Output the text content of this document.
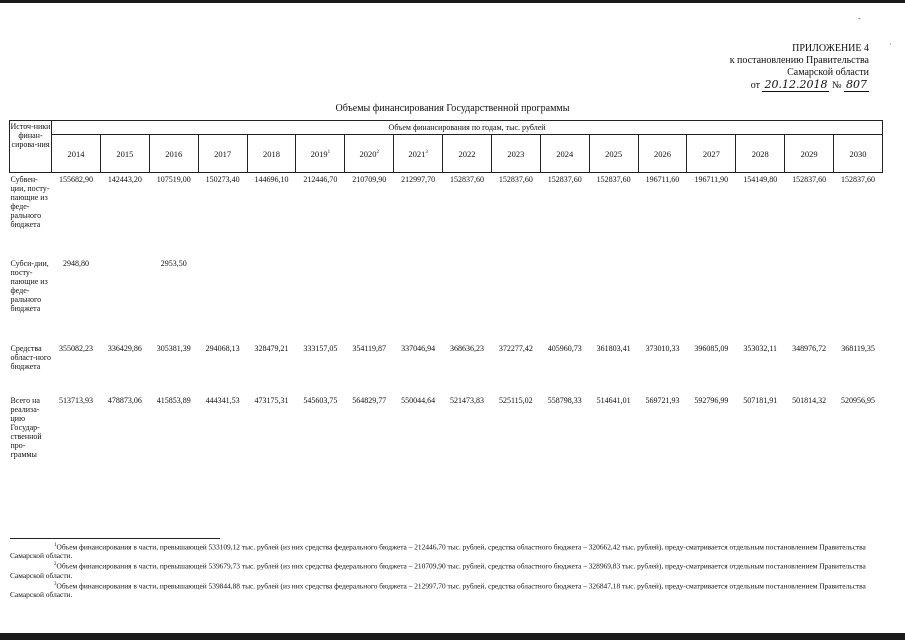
-
·
ПРИЛОЖЕНИЕ 4
к постановлению Правительства
Самарской области
от 20.12.2018 № 807
Объемы финансирования Государственной программы
Источ-ники финан-сирова-ния	Объем финансирования по годам, тыс. рублей																
	2014	2015	2016	2017	2018	2019$^1$	2020$^2$	2021$^3$	2022	2023	2024	2025	2026	2027	2028	2029	2030
Субвен-ции, посту-пающие из феде-рального бюджета	155682,90	142443,20	107519,00	150273,40	144696,10	212446,70	210709,90	212997,70	152837,60	152837,60	152837,60	152837,60	196711,60	196711,90	154149,80	152837,60	152837,60
Субси-дии, посту-пающие из феде-рального бюджета	2948,80		2953,50														
Средства област-ного бюджета	355082,23	336429,86	305381,39	294068,13	328479,21	333157,05	354119,87	337046,94	368636,23	372277,42	405960,73	361803,41	373010,33	396085,09	353032,11	348976,72	368119,35
Всего на реализа-цию Государ-ственной про-граммы	513713,93	478873,06	415853,89	444341,53	473175,31	545603,75	564829,77	550044,64	521473,83	525115,02	558798,33	514641,01	569721,93	592796,99	507181,91	501814,32	520956,95
$^1$Объем финансирования в части, превышающей 533109,12 тыс. рублей (из них средства федерального бюджета – 212446,70 тыс. рублей, средства областного бюджета – 320662,42 тыс. рублей), преду-сматривается отдельным постановлением Правительства Самарской области.
$^2$Объем финансирования в части, превышающей 539679,73 тыс. рублей (из них средства федерального бюджета – 210709,90 тыс. рублей, средства областного бюджета – 328969,83 тыс. рублей), преду-сматривается отдельным постановлением Правительства Самарской области.
$^3$Объем финансирования в части, превышающей 539844,88 тыс. рублей (из них средства федерального бюджета – 212997,70 тыс. рублей, средства областного бюджета – 326847,18 тыс. рублей), преду-сматривается отдельным постановлением Правительства Самарской области.
